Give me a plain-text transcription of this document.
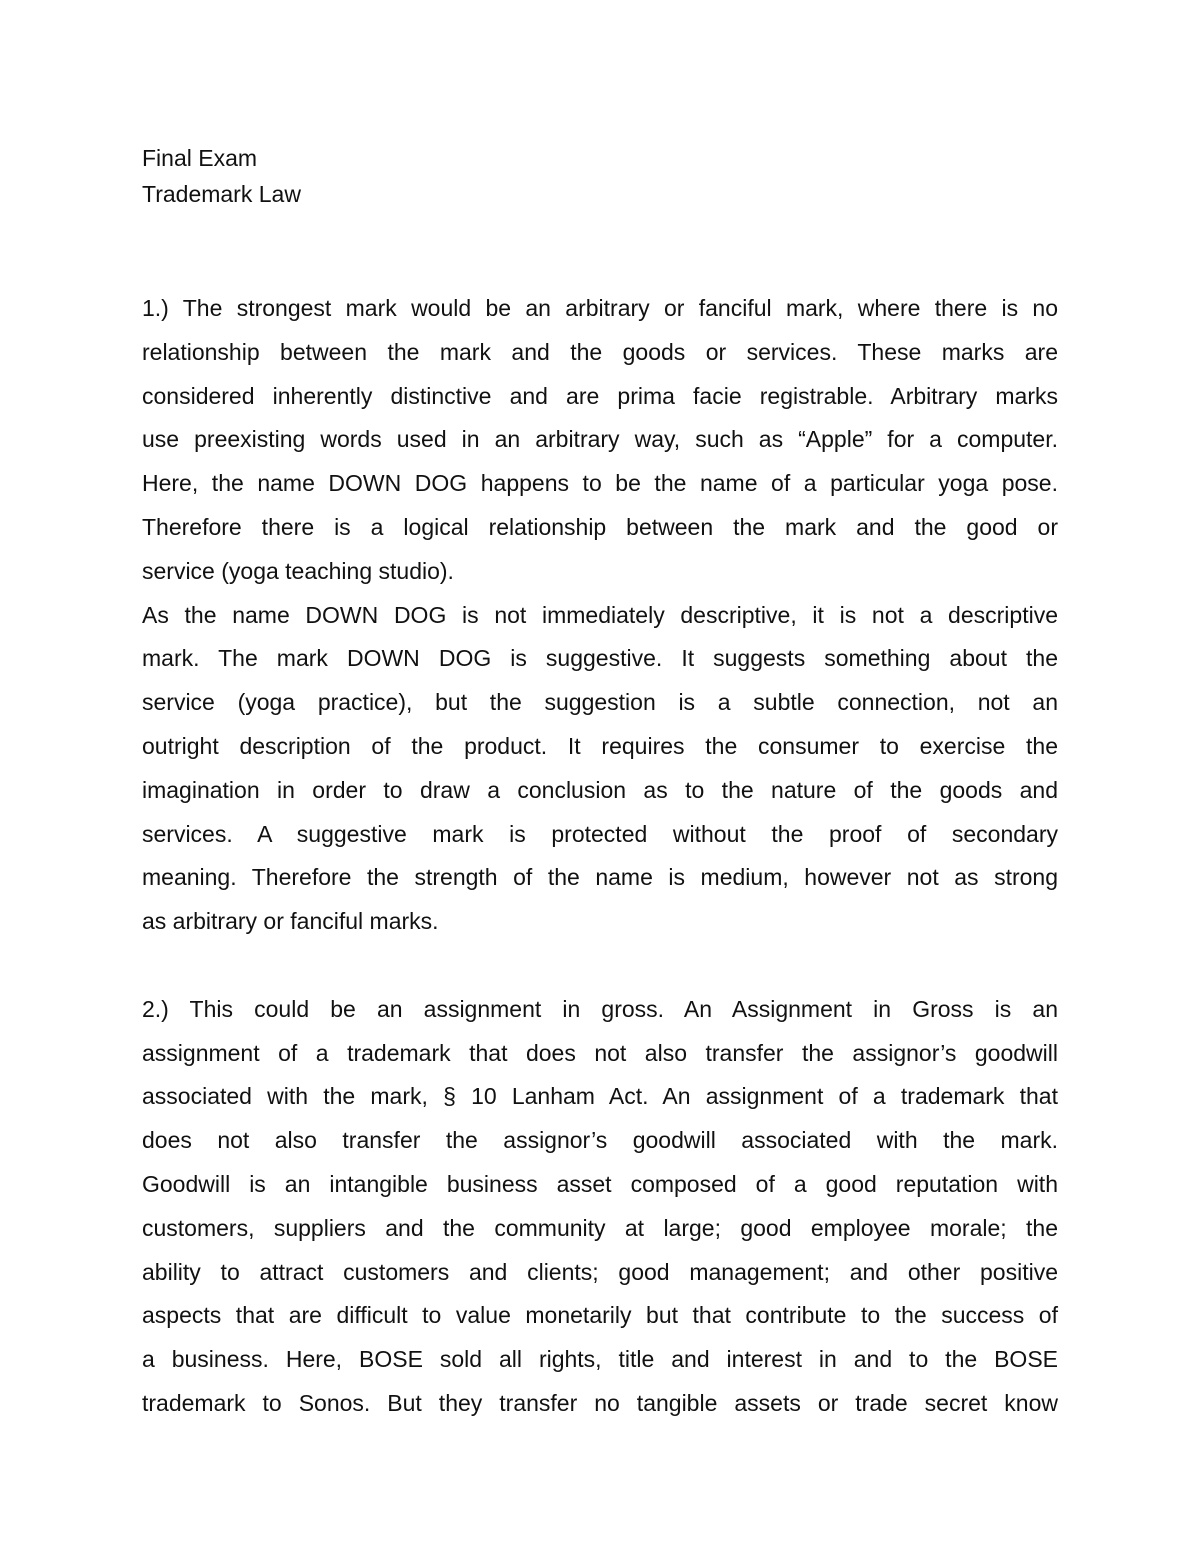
Final Exam
Trademark Law
1.) The strongest mark would be an arbitrary or fanciful mark, where there is no
relationship between the mark and the goods or services. These marks are
considered inherently distinctive and are prima facie registrable. Arbitrary marks
use preexisting words used in an arbitrary way, such as “Apple” for a computer.
Here, the name DOWN DOG happens to be the name of a particular yoga pose.
Therefore there is a logical relationship between the mark and the good or
service (yoga teaching studio).
As the name DOWN DOG is not immediately descriptive, it is not a descriptive
mark. The mark DOWN DOG is suggestive. It suggests something about the
service (yoga practice), but the suggestion is a subtle connection, not an
outright description of the product. It requires the consumer to exercise the
imagination in order to draw a conclusion as to the nature of the goods and
services. A suggestive mark is protected without the proof of secondary
meaning. Therefore the strength of the name is medium, however not as strong
as arbitrary or fanciful marks.
2.) This could be an assignment in gross. An Assignment in Gross is an
assignment of a trademark that does not also transfer the assignor’s goodwill
associated with the mark, § 10 Lanham Act. An assignment of a trademark that
does not also transfer the assignor’s goodwill associated with the mark.
Goodwill is an intangible business asset composed of a good reputation with
customers, suppliers and the community at large; good employee morale; the
ability to attract customers and clients; good management; and other positive
aspects that are difficult to value monetarily but that contribute to the success of
a business. Here, BOSE sold all rights, title and interest in and to the BOSE
trademark to Sonos. But they transfer no tangible assets or trade secret know
